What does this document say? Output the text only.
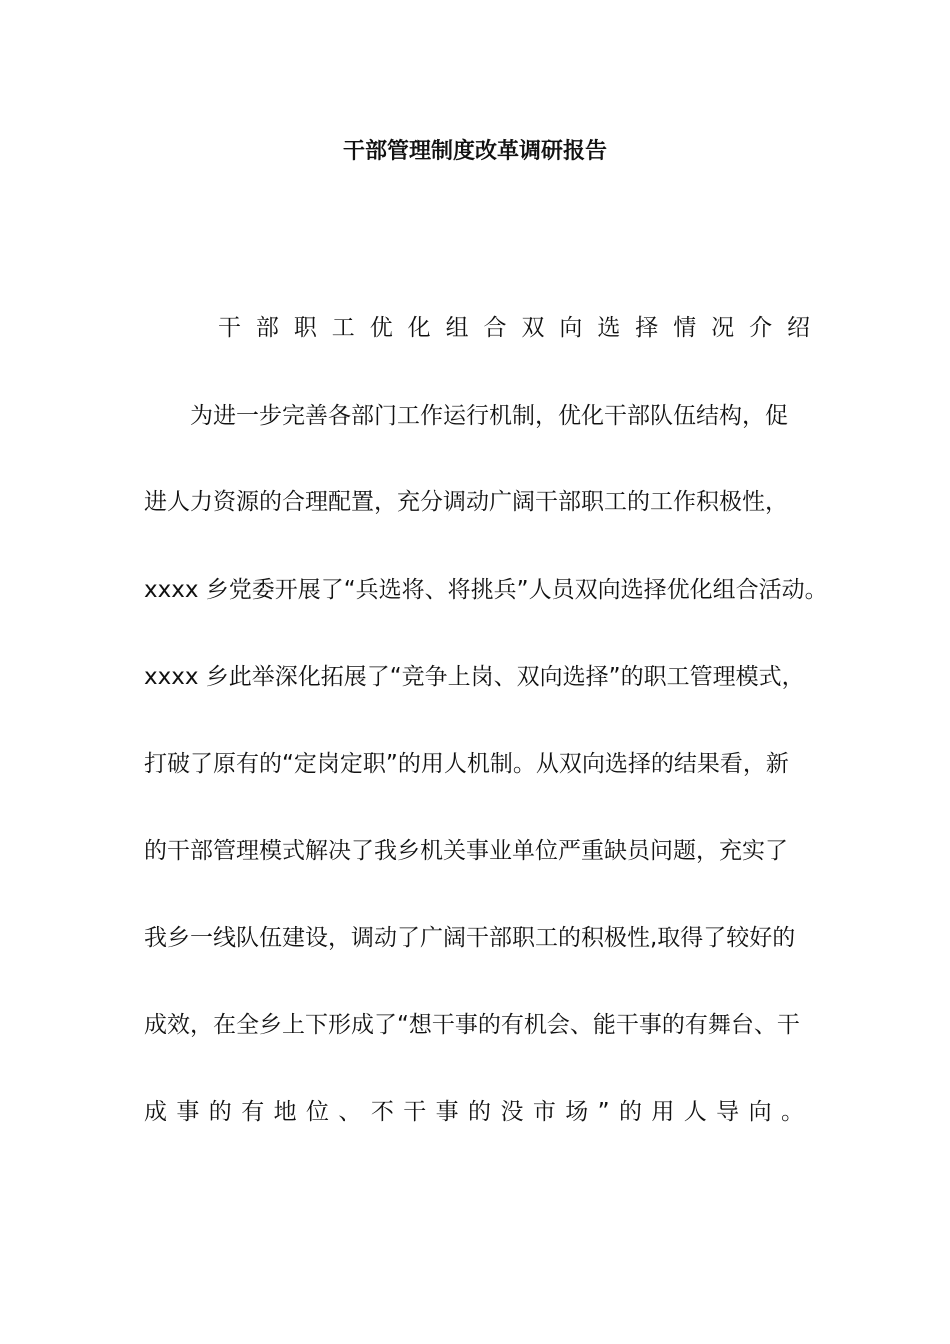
干部管理制度改革调研报告
干部职工优化组合双向选择情况介绍
为进一步完善各部门工作运行机制，优化干部队伍结构，促
进人力资源的合理配置，充分调动广阔干部职工的工作积极性，
xxxx 乡党委开展了“兵选将、将挑兵”人员双向选择优化组合活动。
xxxx 乡此举深化拓展了“竞争上岗、双向选择”的职工管理模式，
打破了原有的“定岗定职”的用人机制。从双向选择的结果看，新
的干部管理模式解决了我乡机关事业单位严重缺员问题，充实了
我乡一线队伍建设，调动了广阔干部职工的积极性,取得了较好的
成效，在全乡上下形成了“想干事的有机会、能干事的有舞台、干
成事的有地位、不干事的没市场”的用人导向。
